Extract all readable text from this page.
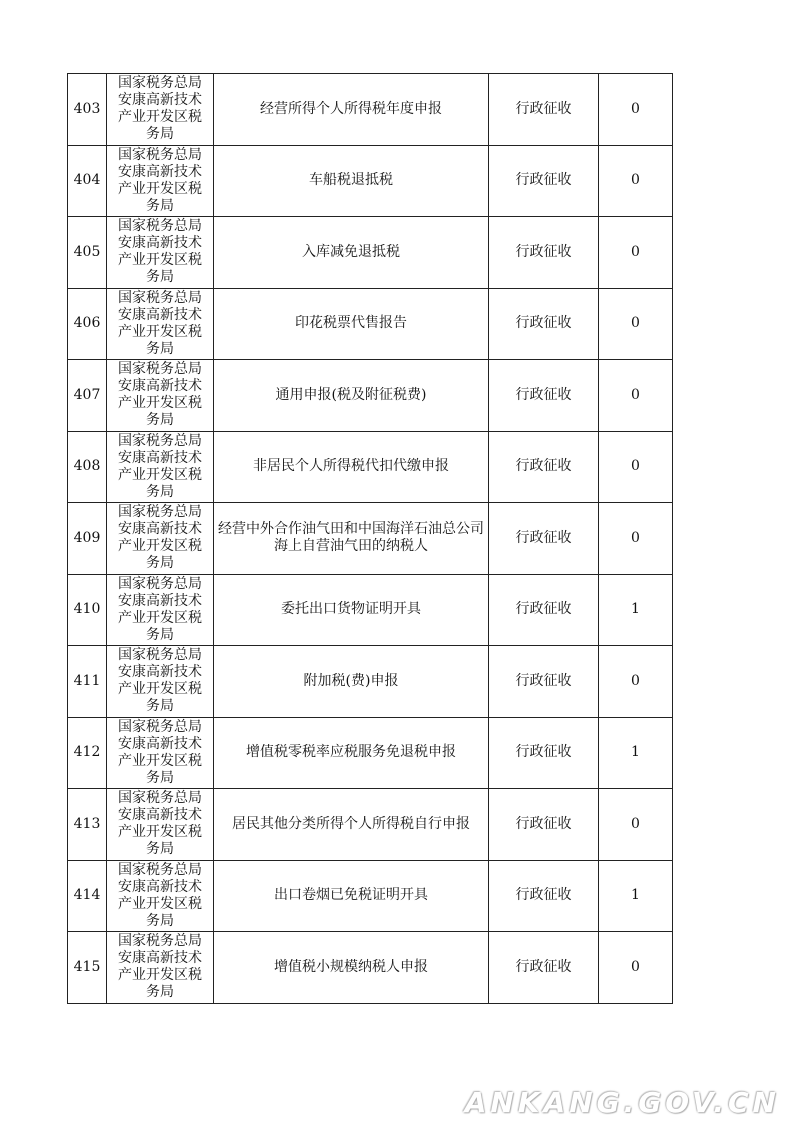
403	国家税务总局安康高新技术产业开发区税务局	经营所得个人所得税年度申报	行政征收	0
404	国家税务总局安康高新技术产业开发区税务局	车船税退抵税	行政征收	0
405	国家税务总局安康高新技术产业开发区税务局	入库减免退抵税	行政征收	0
406	国家税务总局安康高新技术产业开发区税务局	印花税票代售报告	行政征收	0
407	国家税务总局安康高新技术产业开发区税务局	通用申报(税及附征税费)	行政征收	0
408	国家税务总局安康高新技术产业开发区税务局	非居民个人所得税代扣代缴申报	行政征收	0
409	国家税务总局安康高新技术产业开发区税务局	经营中外合作油气田和中国海洋石油总公司海上自营油气田的纳税人	行政征收	0
410	国家税务总局安康高新技术产业开发区税务局	委托出口货物证明开具	行政征收	1
411	国家税务总局安康高新技术产业开发区税务局	附加税(费)申报	行政征收	0
412	国家税务总局安康高新技术产业开发区税务局	增值税零税率应税服务免退税申报	行政征收	1
413	国家税务总局安康高新技术产业开发区税务局	居民其他分类所得个人所得税自行申报	行政征收	0
414	国家税务总局安康高新技术产业开发区税务局	出口卷烟已免税证明开具	行政征收	1
415	国家税务总局安康高新技术产业开发区税务局	增值税小规模纳税人申报	行政征收	0
ANKANG.GOV.CN
